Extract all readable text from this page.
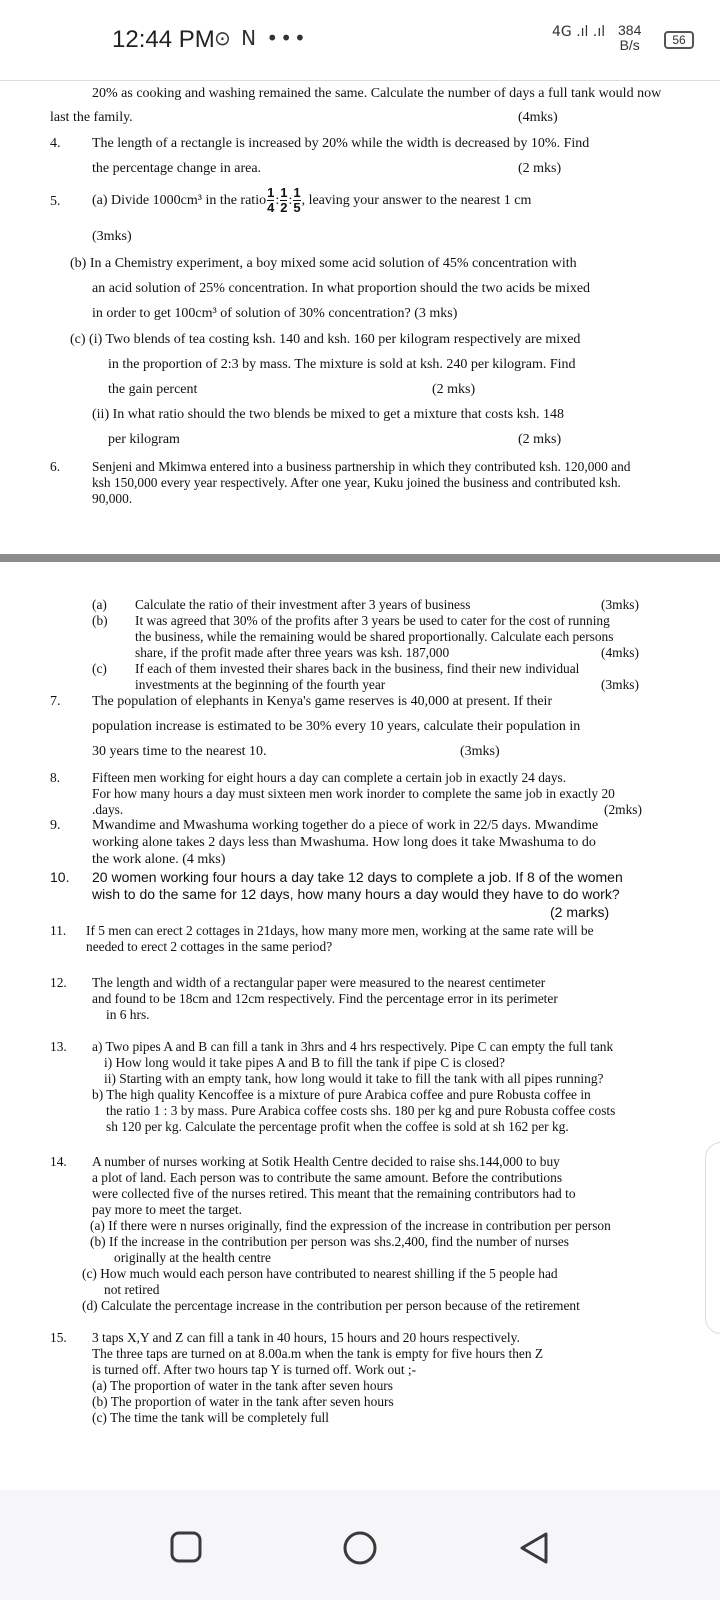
12:44 PM ⊙ N •••	4G .ıl .ıl 384
B/s	56
20% as cooking and washing remained the same. Calculate the number of days a full tank would now
last the family.	(4mks)
4. The length of a rectangle is increased by 20% while the width is decreased by 10%. Find
the percentage change in area.	(2 mks)
5. (a) Divide 1000cm³ in the ratio $\frac{1}{4}$ : $\frac{1}{2}$ : $\frac{1}{5}$ , leaving your answer to the nearest 1 cm
(3mks)
(b) In a Chemistry experiment, a boy mixed some acid solution of 45% concentration with
an acid solution of 25% concentration. In what proportion should the two acids be mixed
in order to get 100cm³ of solution of 30% concentration? (3 mks)
(c) (i) Two blends of tea costing ksh. 140 and ksh. 160 per kilogram respectively are mixed
in the proportion of 2:3 by mass. The mixture is sold at ksh. 240 per kilogram. Find
the gain percent	(2 mks)
(ii) In what ratio should the two blends be mixed to get a mixture that costs ksh. 148
per kilogram	(2 mks)
6. Senjeni and Mkimwa entered into a business partnership in which they contributed ksh. 120,000 and
ksh 150,000 every year respectively. After one year, Kuku joined the business and contributed ksh.
90,000.
(a) Calculate the ratio of their investment after 3 years of business	(3mks)
(b) It was agreed that 30% of the profits after 3 years be used to cater for the cost of running
the business, while the remaining would be shared proportionally. Calculate each persons
share, if the profit made after three years was ksh. 187,000	(4mks)
(c) If each of them invested their shares back in the business, find their new individual
investments at the beginning of the fourth year	(3mks)
7. The population of elephants in Kenya's game reserves is 40,000 at present. If their
population increase is estimated to be 30% every 10 years, calculate their population in
30 years time to the nearest 10.	(3mks)
8. Fifteen men working for eight hours a day can complete a certain job in exactly 24 days.
For how many hours a day must sixteen men work inorder to complete the same job in exactly 20
.days.	(2mks)
9. Mwandime and Mwashuma working together do a piece of work in 22/5 days. Mwandime
working alone takes 2 days less than Mwashuma. How long does it take Mwashuma to do
the work alone. (4 mks)
10. 20 women working four hours a day take 12 days to complete a job. If 8 of the women
wish to do the same for 12 days, how many hours a day would they have to do work?
(2 marks)
11. If 5 men can erect 2 cottages in 21days, how many more men, working at the same rate will be
needed to erect 2 cottages in the same period?
12. The length and width of a rectangular paper were measured to the nearest centimeter
and found to be 18cm and 12cm respectively. Find the percentage error in its perimeter
in 6 hrs.
13. a) Two pipes A and B can fill a tank in 3hrs and 4 hrs respectively. Pipe C can empty the full tank
i) How long would it take pipes A and B to fill the tank if pipe C is closed?
ii) Starting with an empty tank, how long would it take to fill the tank with all pipes running?
b) The high quality Kencoffee is a mixture of pure Arabica coffee and pure Robusta coffee in
the ratio 1 : 3 by mass. Pure Arabica coffee costs shs. 180 per kg and pure Robusta coffee costs
sh 120 per kg. Calculate the percentage profit when the coffee is sold at sh 162 per kg.
14. A number of nurses working at Sotik Health Centre decided to raise shs.144,000 to buy
a plot of land. Each person was to contribute the same amount. Before the contributions
were collected five of the nurses retired. This meant that the remaining contributors had to
pay more to meet the target.
(a) If there were n nurses originally, find the expression of the increase in contribution per person
(b) If the increase in the contribution per person was shs.2,400, find the number of nurses
originally at the health centre
(c) How much would each person have contributed to nearest shilling if the 5 people had
not retired
(d) Calculate the percentage increase in the contribution per person because of the retirement
15. 3 taps X,Y and Z can fill a tank in 40 hours, 15 hours and 20 hours respectively.
The three taps are turned on at 8.00a.m when the tank is empty for five hours then Z
is turned off. After two hours tap Y is turned off. Work out ;-
(a) The proportion of water in the tank after seven hours
(b) The proportion of water in the tank after seven hours
(c) The time the tank will be completely full
